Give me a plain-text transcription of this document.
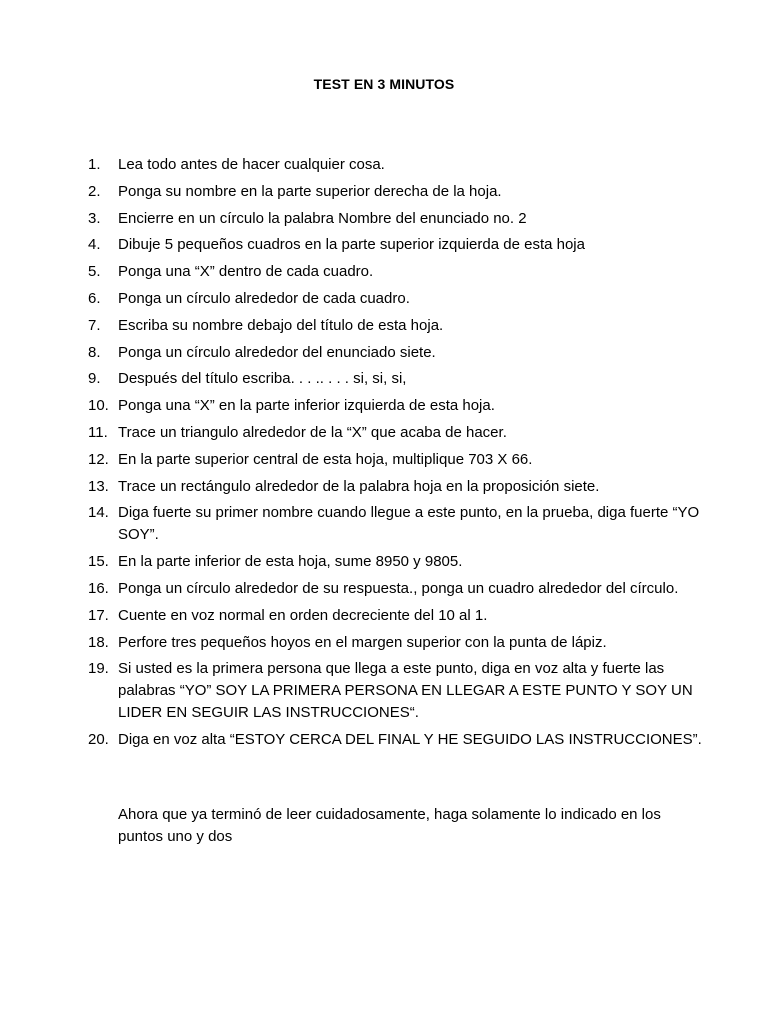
TEST EN 3 MINUTOS
1.	Lea todo antes de hacer cualquier cosa.
2.	Ponga su nombre en la parte superior derecha de la hoja.
3.	Encierre en un círculo la palabra Nombre del enunciado no. 2
4.	Dibuje 5 pequeños cuadros en la parte superior izquierda de esta hoja
5.	Ponga una “X” dentro de cada cuadro.
6.	Ponga un círculo alrededor de cada cuadro.
7.	Escriba su nombre debajo del título de esta hoja.
8.	Ponga un círculo alrededor del enunciado siete.
9.	Después del título escriba. . . .. . . . si, si, si,
10. Ponga una “X” en la parte inferior izquierda de esta hoja.
11. Trace un triangulo alrededor de la “X” que acaba de hacer.
12. En la parte superior central de esta hoja, multiplique 703 X 66.
13. Trace un rectángulo alrededor de la palabra hoja en la proposición siete.
14. Diga fuerte su primer nombre cuando llegue a este punto, en la prueba, diga fuerte “YO SOY”.
15. En la parte inferior de esta hoja, sume 8950 y 9805.
16. Ponga un círculo alrededor de su respuesta., ponga un cuadro alrededor del círculo.
17. Cuente en voz normal en orden decreciente del 10 al 1.
18. Perfore tres pequeños hoyos en el margen superior con la punta de lápiz.
19. Si usted es la primera persona que llega a este punto, diga en voz alta y fuerte las palabras “YO” SOY LA PRIMERA PERSONA EN LLEGAR A ESTE PUNTO Y SOY UN LIDER EN SEGUIR LAS INSTRUCCIONES“.
20. Diga en voz alta “ESTOY CERCA DEL FINAL Y HE SEGUIDO LAS INSTRUCCIONES”.
Ahora que ya terminó de leer cuidadosamente, haga solamente lo indicado en los puntos uno y dos
